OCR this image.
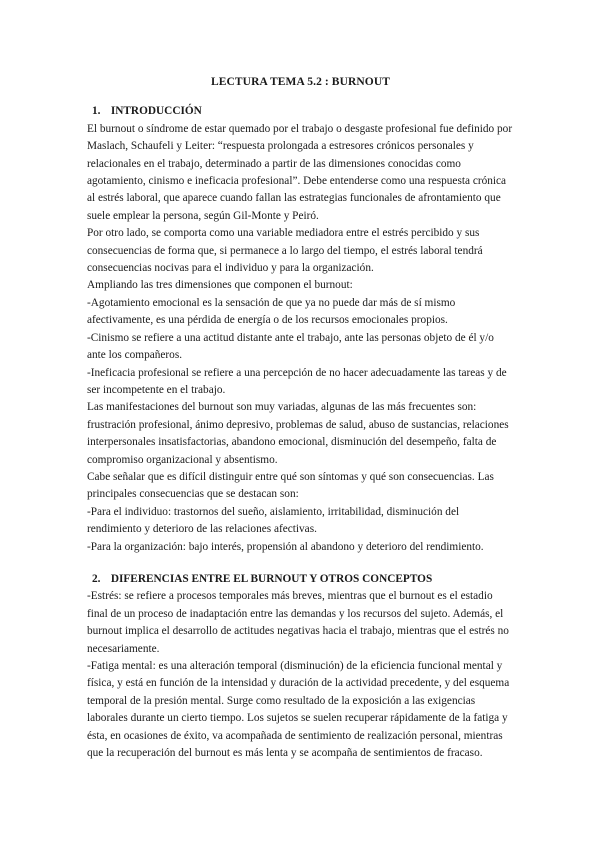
LECTURA TEMA 5.2 : BURNOUT
1. INTRODUCCIÓN

El burnout o síndrome de estar quemado por el trabajo o desgaste profesional fue definido por Maslach, Schaufeli y Leiter: “respuesta prolongada a estresores crónicos personales y relacionales en el trabajo, determinado a partir de las dimensiones conocidas como agotamiento, cinismo e ineficacia profesional”. Debe entenderse como una respuesta crónica al estrés laboral, que aparece cuando fallan las estrategias funcionales de afrontamiento que suele emplear la persona, según Gil-Monte y Peiró.

Por otro lado, se comporta como una variable mediadora entre el estrés percibido y sus consecuencias de forma que, si permanece a lo largo del tiempo, el estrés laboral tendrá consecuencias nocivas para el individuo y para la organización.

Ampliando las tres dimensiones que componen el burnout:

-Agotamiento emocional es la sensación de que ya no puede dar más de sí mismo afectivamente, es una pérdida de energía o de los recursos emocionales propios.

-Cinismo se refiere a una actitud distante ante el trabajo, ante las personas objeto de él y/o ante los compañeros.

-Ineficacia profesional se refiere a una percepción de no hacer adecuadamente las tareas y de ser incompetente en el trabajo.

Las manifestaciones del burnout son muy variadas, algunas de las más frecuentes son: frustración profesional, ánimo depresivo, problemas de salud, abuso de sustancias, relaciones interpersonales insatisfactorias, abandono emocional, disminución del desempeño, falta de compromiso organizacional y absentismo.

Cabe señalar que es difícil distinguir entre qué son síntomas y qué son consecuencias. Las principales consecuencias que se destacan son:

-Para el individuo: trastornos del sueño, aislamiento, irritabilidad, disminución del rendimiento y deterioro de las relaciones afectivas.

-Para la organización: bajo interés, propensión al abandono y deterioro del rendimiento.

2. DIFERENCIAS ENTRE EL BURNOUT Y OTROS CONCEPTOS

-Estrés: se refiere a procesos temporales más breves, mientras que el burnout es el estadio final de un proceso de inadaptación entre las demandas y los recursos del sujeto. Además, el burnout implica el desarrollo de actitudes negativas hacia el trabajo, mientras que el estrés no necesariamente.

-Fatiga mental: es una alteración temporal (disminución) de la eficiencia funcional mental y física, y está en función de la intensidad y duración de la actividad precedente, y del esquema temporal de la presión mental. Surge como resultado de la exposición a las exigencias laborales durante un cierto tiempo. Los sujetos se suelen recuperar rápidamente de la fatiga y ésta, en ocasiones de éxito, va acompañada de sentimiento de realización personal, mientras que la recuperación del burnout es más lenta y se acompaña de sentimientos de fracaso.
